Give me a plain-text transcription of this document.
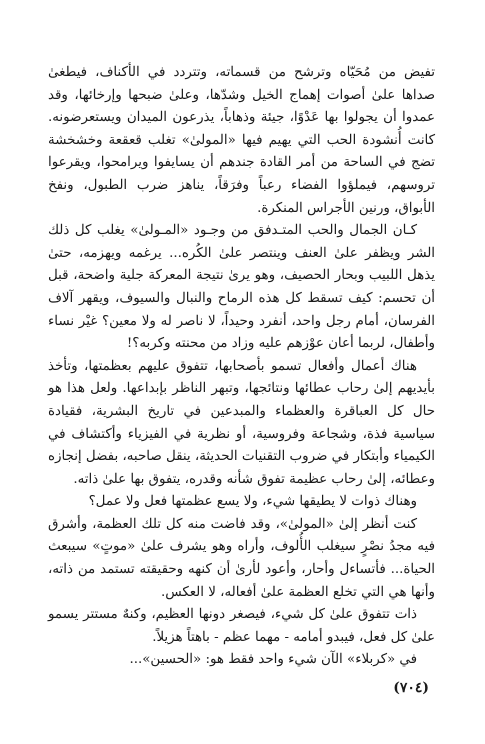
تفيض من مُحَيّاه وترشح من قسماته، وتتردد في الأكناف، فيطغىٰ صداها علىٰ أصوات إهماج الخيل وشدّها، وعلىٰ ضبحها وإرخائها، وقد عمدوا أن يجولوا بها عَدْوًا، جيئة وذهاباً، يذرعون الميدان ويستعرضونه. كانت أُنشودة الحب التي يهيم فيها «المولىٰ» تغلب قعقعة وخشخشة تضج في الساحة من أمر القادة جندهم أن يسايفوا ويرامحوا، ويقرعوا تروسهم، فيملؤوا الفضاء رعباً وفرَقاً، يناهز ضرب الطبول، ونفخ الأبواق، ورنين الأجراس المنكرة.

كـان الجمال والحب المتـدفق من وجـود «المـولىٰ» يغلب كل ذلك الشر ويظفر علىٰ العنف وينتصر علىٰ الكُره... يرغمه ويهزمه، حتىٰ يذهل اللبيب وبحار الحصيف، وهو يرىٰ نتيجة المعركة جلية واضحة، قبل أن تحسم: كيف تسقط كل هذه الرماح والنبال والسيوف، ويقهر آلاف الفرسان، أمام رجل واحد، أنفرد وحيداً، لا ناصر له ولا معين؟ غيْر نساء وأطفال، لربما أعان عوْزهم عليه وزاد من محنته وكربه؟!

هناك أعمال وأفعال تسمو بأصحابها، تتفوق عليهم بعظمتها، وتأخذ بأيديهم إلىٰ رحاب عطائها ونتائجها، وتبهر الناظر بإبداعها. ولعل هذا هو حال كل العباقرة والعظماء والمبدعين في تاريخ البشرية، فقيادة سياسية فذة، وشجاعة وفروسية، أو نظرية في الفيزياء وأكتشاف في الكيمياء وأبتكار في ضروب التقنيات الحديثة، ينقل صاحبه، بفضل إنجازه وعطائه، إلىٰ رحاب عظيمة تفوق شأنه وقدره، يتفوق بها علىٰ ذاته.

وهناك ذوات لا يطيقها شيء، ولا يسع عظمتها فعل ولا عمل؟

كنت أنظر إلىٰ «المولىٰ»، وقد فاضت منه كل تلك العظمة، وأشرق فيه مجدُ نصْرٍ سيغلب الأُلوف، وأراه وهو يشرف علىٰ «موتٍ» سيبعث الحياة... فأتساءل وأحار، وأعود لأرىٰ أن كنهه وحقيقته تستمد من ذاته، وأنها هي التي تخلع العظمة علىٰ أفعاله، لا العكس.

ذات تتفوق علىٰ كل شيء، فيصغر دونها العظيم، وكنهٌ مستتر يسمو علىٰ كل فعل، فيبدو أمامه - مهما عظم - باهتاً هزيلاً.

في «كربلاء» الآن شيء واحد فقط هو: «الحسين»...

(٧٠٤)
